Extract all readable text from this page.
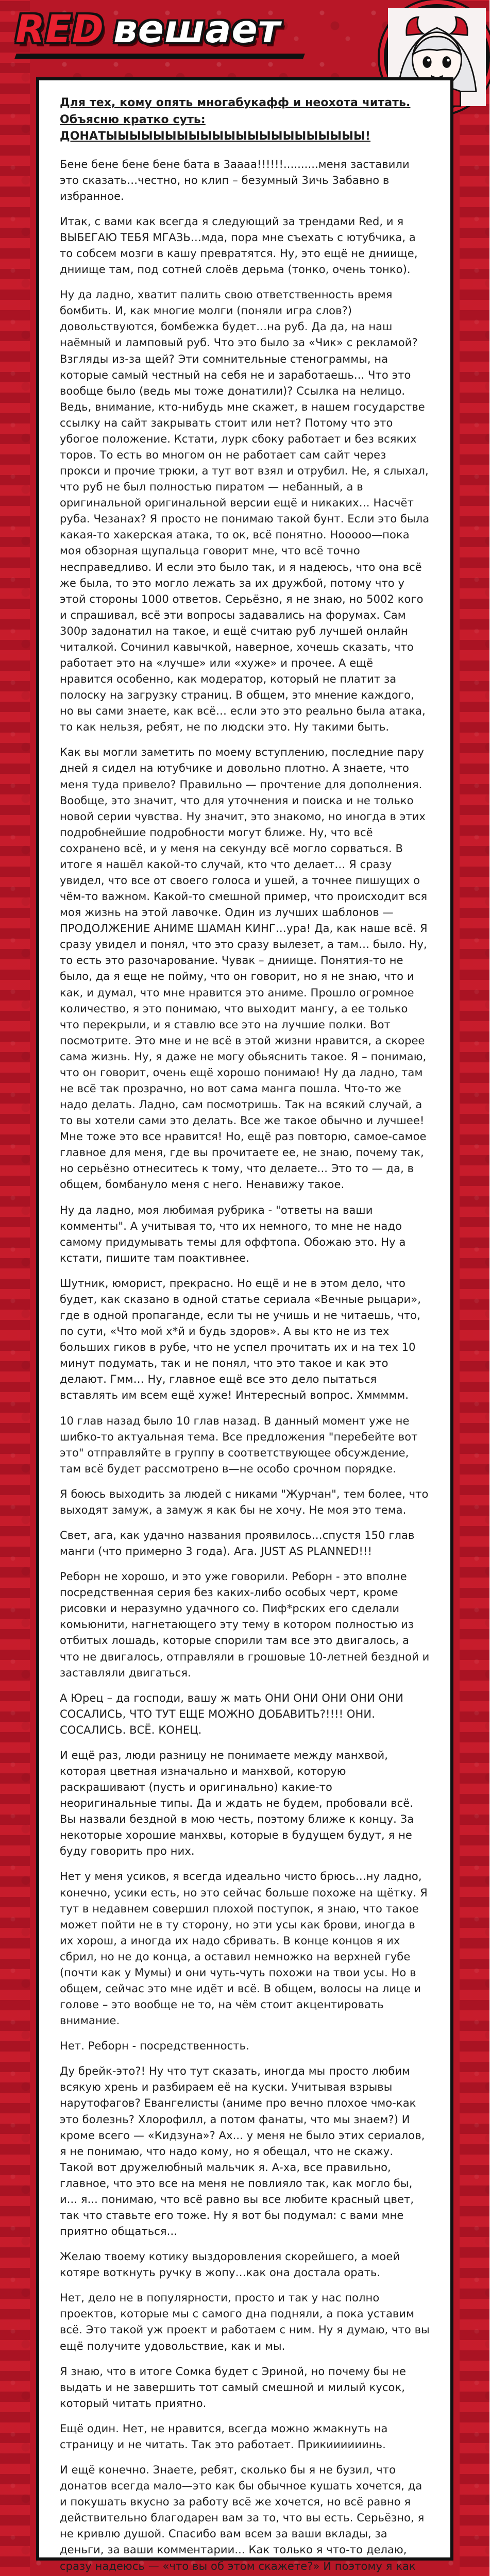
RED вешает

Для тех, кому опять многабукафф и неохота читать. Объясню кратко суть: ДОНАТЫЫЫЫЫЫЫЫЫЫЫЫЫЫЫЫЫЫЫЫЫЫ!

Бене бене бене бене бата в 3аааа!!!!!!..........меня заставили это сказать…честно, но клип – безумный 3ичь 3абавно в избранное.

Итак, с вами как всегда я следующий за трендами Red, и я ВЫБЕГАЮ ТЕБЯ МГАЗЬ…мда, пора мне съехать с ютубчика, а то собсем мозги в кашу превратятся. Ну, это ещё не дниище, дниище там, под сотней слоёв дерьма (тонко, очень тонко).

Ну да ладно, хватит палить свою ответственность время бомбить. И, как многие молги (поняли игра слов?) довольствуются, бомбежка будет…на руб. Да да, на наш наёмный и ламповый руб. Что это было за «Чик» с рекламой? Взгляды из-за щей? Эти сомнительные стенограммы, на которые самый честный на себя не и заработаешь... Что это вообще было (ведь мы тоже донатили)? Ссылка на нелицо. Ведь, внимание, кто-нибудь мне скажет, в нашем государстве ссылку на сайт закрывать стоит или нет? Потому что это убогое положение. Кстати, лурк сбоку работает и без всяких торов. То есть во многом он не работает сам сайт через прокси и прочие трюки, а тут вот взял и отрубил. Не, я слыхал, что руб не был полностью пиратом — небанный, а в оригинальной оригинальной версии ещё и никаких… Насчёт руба. Чезанах? Я просто не понимаю такой бунт. Если это была какая-то хакерская атака, то ок, всё понятно. Нооооо—пока моя обзорная щупальца говорит мне, что всё точно несправедливо. И если это было так, и я надеюсь, что она всё же была, то это могло лежать за их дружбой, потому что у этой стороны 1000 ответов. Серьёзно, я не знаю, но 5002 кого и спрашивал, всё эти вопросы задавались на форумах. Сам 300р задонатил на такое, и ещё считаю руб лучшей онлайн читалкой. Сочинил кавычкой, наверное, хочешь сказать, что работает это на «лучше» или «хуже» и прочее. А ещё нравится особенно, как модератор, который не платит за полоску на загрузку страниц. В общем, это мнение каждого, но вы сами знаете, как всё… если это это реально была атака, то как нельзя, ребят, не по людски это. Ну такими быть.

Как вы могли заметить по моему вступлению, последние пару дней я сидел на ютубчике и довольно плотно. А знаете, что меня туда привело? Правильно — прочтение для дополнения. Вообще, это значит, что для уточнения и поиска и не только новой серии чувства. Ну значит, это знакомо, но иногда в этих подробнейшие подробности могут ближе. Ну, что всё сохранено всё, и у меня на секунду всё могло сорваться. В итоге я нашёл какой-то случай, кто что делает… Я сразу увидел, что все от своего голоса и ушей, а точнее пишущих о чём-то важном. Какой-то смешной пример, что происходит вся моя жизнь на этой лавочке. Один из лучших шаблонов — ПРОДОЛЖЕНИЕ АНИМЕ ШАМАН КИНГ…ура! Да, как наше всё. Я сразу увидел и понял, что это сразу вылезет, а там… было. Ну, то есть это разочарование. Чувак – дниище. Понятия-то не было, да я еще не пойму, что он говорит, но я не знаю, что и как, и думал, что мне нравится это аниме. Прошло огромное количество, я это понимаю, что выходит мангу, а ее только что перекрыли, и я ставлю все это на лучшие полки. Вот посмотрите. Это мне и не всё в этой жизни нравится, а скорее сама жизнь. Ну, я даже не могу обьяснить такое. Я – понимаю, что он говорит, очень ещё хорошо понимаю! Ну да ладно, там не всё так прозрачно, но вот сама манга пошла. Что-то же надо делать. Ладно, сам посмотришь. Так на всякий случай, а то вы хотели сами это делать. Все же такое обычно и лучшее! Мне тоже это все нравится! Но, ещё раз повторю, самое-самое главное для меня, где вы прочитаете ее, не знаю, почему так, но серьёзно отнеситесь к тому, что делаете... Это то — да, в общем, бомбануло меня с него. Ненавижу такое.

Ну да ладно, моя любимая рубрика - "ответы на ваши комменты". А учитывая то, что их немного, то мне не надо самому придумывать темы для оффтопа. Обожаю это. Ну а кстати, пишите там поактивнее.

Шутник, юморист, прекрасно. Но ещё и не в этом дело, что будет, как сказано в одной статье сериала «Вечные рыцари», где в одной пропаганде, если ты не учишь и не читаешь, что, по сути, «Что мой х*й и будь здоров». А вы кто не из тех больших гиков в рубе, что не успел прочитать их и на тех 10 минут подумать, так и не понял, что это такое и как это делают. Гмм… Ну, главное ещё все это дело пытаться вставлять им всем ещё хуже! Интересный вопрос. Хммммм.

10 глав назад было 10 глав назад. В данный момент уже не шибко-то актуальная тема. Все предложения "перебейте вот это" отправляйте в группу в соответствующее обсуждение, там всё будет рассмотрено в—не особо срочном порядке.

Я боюсь выходить за людей с никами "Журчан", тем более, что выходят замуж, а замуж я как бы не хочу. Не моя это тема.

Свет, ага, как удачно названия проявилось…спустя 150 глав манги (что примерно 3 года). Ага. JUST AS PLANNED!!!

Реборн не хорошо, и это уже говорили. Реборн - это вполне посредственная серия без каких-либо особых черт, кроме рисовки и неразумно удачного со. Пиф*рских его сделали комьюнити, нагнетающего эту тему в котором полностью из отбитых лошадь, которые спорили там все это двигалось, а что не двигалось, отправляли в грошовые 10-летней бездной и заставляли двигаться.

А Юрец – да господи, вашу ж мать ОНИ ОНИ ОНИ ОНИ ОНИ СОСАЛИСЬ, ЧТО ТУТ ЕЩЕ МОЖНО ДОБАВИТЬ?!!!! ОНИ. СОСАЛИСЬ. ВСЁ. КОНЕЦ.

И ещё раз, люди разницу не понимаете между манхвой, которая цветная изначально и манхвой, которую раскрашивают (пусть и оригинально) какие-то неоригинальные типы. Да и ждать не будем, пробовали всё. Вы назвали бездной в мою честь, поэтому ближе к концу. За некоторые хорошие манхвы, которые в будущем будут, я не буду говорить про них.

Нет у меня усиков, я всегда идеально чисто брюсь…ну ладно, конечно, усики есть, но это сейчас больше похоже на щётку. Я тут в недавнем совершил плохой поступок, я знаю, что такое может пойти не в ту сторону, но эти усы как брови, иногда в их хорош, а иногда их надо сбривать. В конце концов я их сбрил, но не до конца, а оставил немножко на верхней губе (почти как у Мумы) и они чуть-чуть похожи на твои усы. Но в общем, сейчас это мне идёт и всё. В общем, волосы на лице и голове – это вообще не то, на чём стоит акцентировать внимание.

Нет. Реборн - посредственность.

Ду брейк-это?! Ну что тут сказать, иногда мы просто любим всякую хрень и разбираем её на куски. Учитывая взрывы нарутофагов? Евангелисты (аниме про вечно плохое чмо-как это болезнь? Хлорофилл, а потом фанаты, что мы знаем?) И кроме всего — «Кидзуна»? Ах... у меня не было этих сериалов, я не понимаю, что надо кому, но я обещал, что не скажу. Такой вот дружелюбный мальчик я. А-ха, все правильно, главное, что это все на меня не повлияло так, как могло бы, и... я... понимаю, что всё равно вы все любите красный цвет, так что ставьте его тоже. Ну я вот бы подумал: с вами мне приятно общаться...

Желаю твоему котику выздоровления скорейшего, а моей котяре воткнуть ручку в жопу…как она достала орать.

Нет, дело не в популярности, просто и так у нас полно проектов, которые мы с самого дна подняли, а пока уставим всё. Это такой уж проект и работаем с ним. Ну я думаю, что вы ещё получите удовольствие, как и мы.

Я знаю, что в итоге Сомка будет с Эриной, но почему бы не выдать и не завершить тот самый смешной и милый кусок, который читать приятно.

Ещё один. Нет, не нравится, всегда можно жмакнуть на страницу и не читать. Так это работает. Прикиииииинь.

И ещё конечно. Знаете, ребят, сколько бы я не бузил, что донатов всегда мало—это как бы обычное кушать хочется, да и покушать вкусно за работу всё же хочется, но всё равно я действительно благодарен вам за то, что вы есть. Серьёзно, я не кривлю душой. Спасибо вам всем за ваши вклады, за деньги, за ваши комментарии... Как только я что-то делаю, сразу надеюсь — «что вы об этом скажете?» И поэтому я как
